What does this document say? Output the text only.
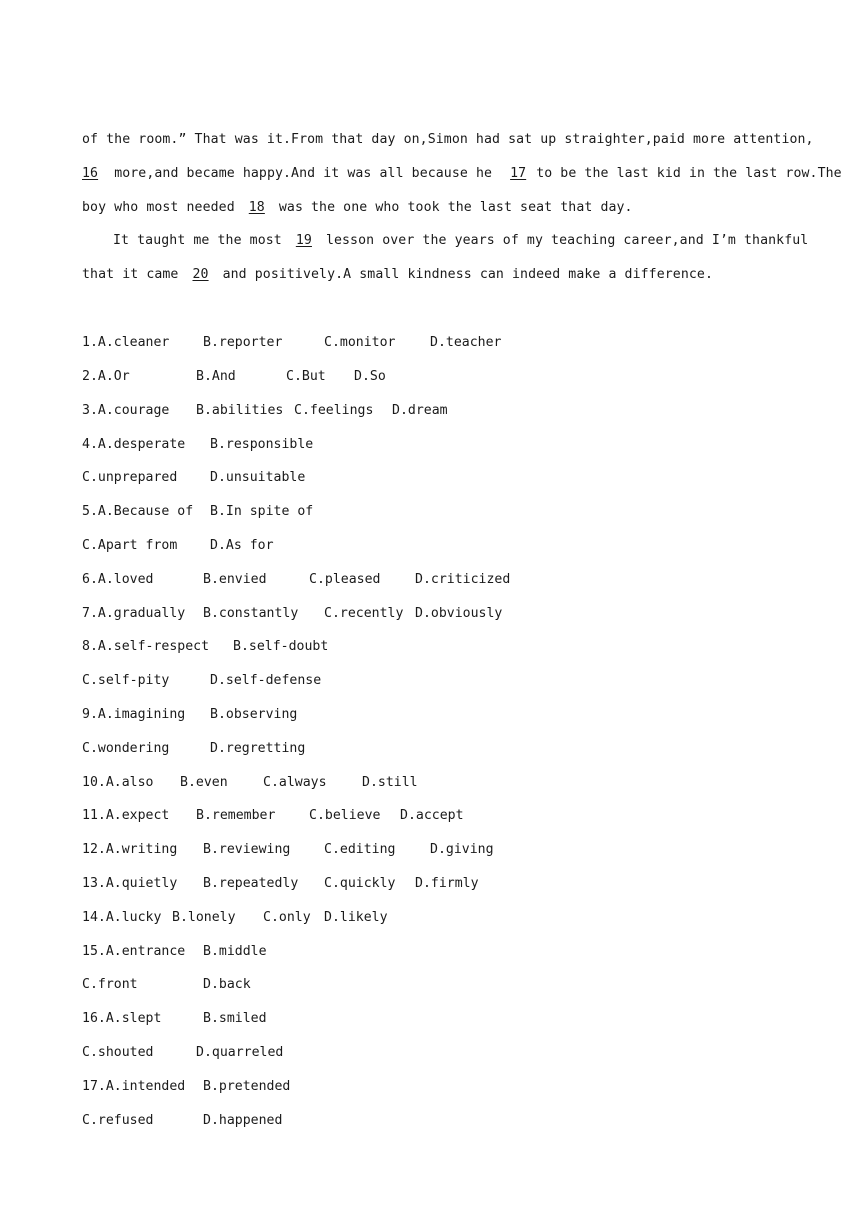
of the room.” That was it.From that day on,Simon had sat up straighter,paid more attention,
16 more,and became happy.And it was all because he 17 to be the last kid in the last row.The
boy who most needed 18 was the one who took the last seat that day.
It taught me the most 19 lesson over the years of my teaching career,and I’m thankful
that it came 20 and positively.A small kindness can indeed make a difference.
1.A.cleaner	B.reporter	C.monitor	D.teacher
2.A.Or	B.And	C.But D.So
3.A.courage B.abilities C.feelings D.dream
4.A.desperate B.responsible
C.unprepared D.unsuitable
5.A.Because of B.In spite of
C.Apart from D.As for
6.A.loved	B.envied	C.pleased	D.criticized
7.A.gradually B.constantly C.recently D.obviously
8.A.self-respect B.self-doubt
C.self-pity	D.self-defense
9.A.imagining B.observing
C.wondering	D.regretting
10.A.also B.even	C.always	D.still
11.A.expect B.remember	C.believe D.accept
12.A.writing B.reviewing	C.editing	D.giving
13.A.quietly B.repeatedly C.quickly D.firmly
14.A.lucky B.lonely C.only D.likely
15.A.entrance B.middle
C.front	D.back
16.A.slept	B.smiled
C.shouted	D.quarreled
17.A.intended B.pretended
C.refused	D.happened
